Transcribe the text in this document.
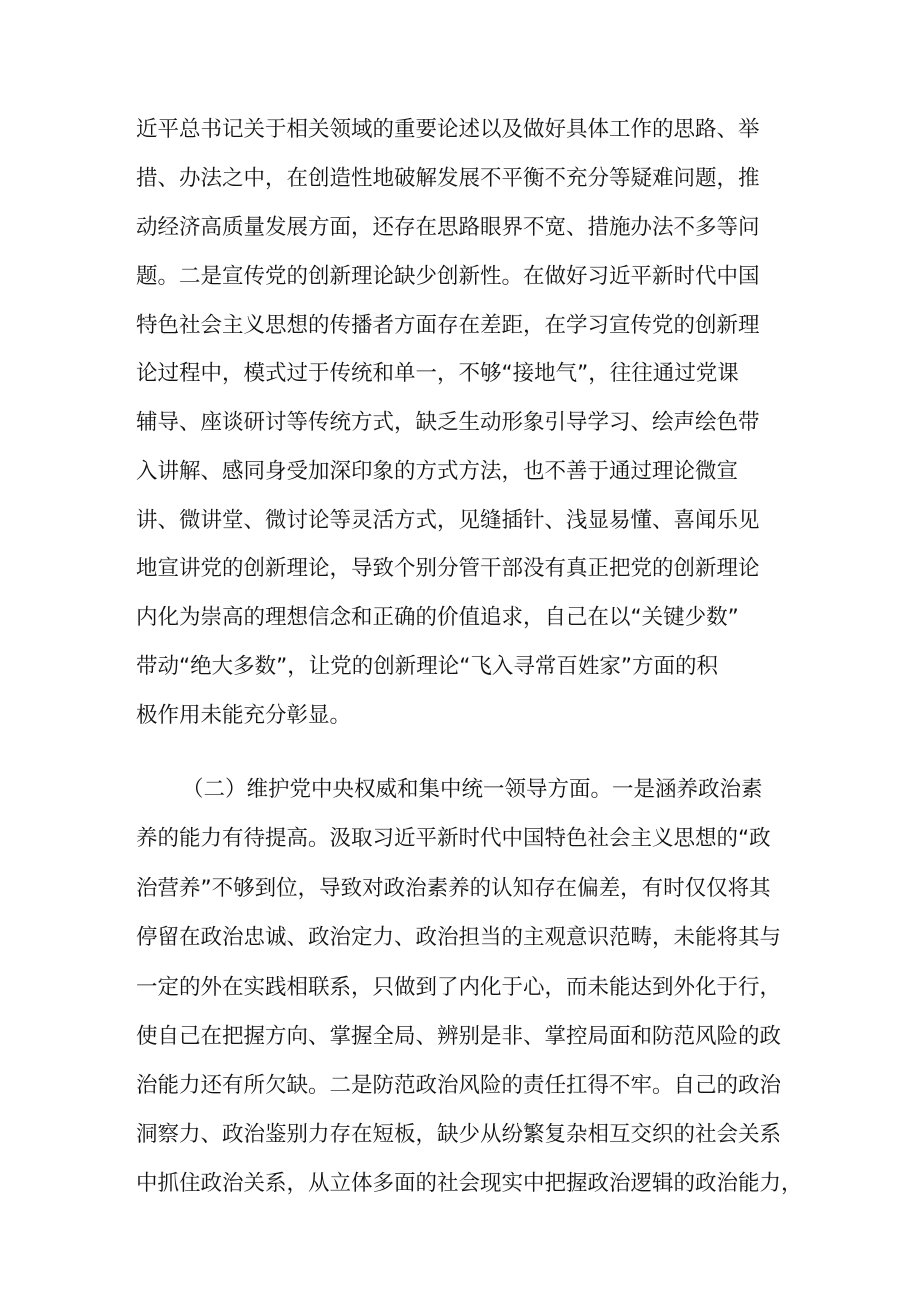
近平总书记关于相关领域的重要论述以及做好具体工作的思路、举
措、办法之中，在创造性地破解发展不平衡不充分等疑难问题，推
动经济高质量发展方面，还存在思路眼界不宽、措施办法不多等问
题。二是宣传党的创新理论缺少创新性。在做好习近平新时代中国
特色社会主义思想的传播者方面存在差距，在学习宣传党的创新理
论过程中，模式过于传统和单一，不够“接地气”，往往通过党课
辅导、座谈研讨等传统方式，缺乏生动形象引导学习、绘声绘色带
入讲解、感同身受加深印象的方式方法，也不善于通过理论微宣
讲、微讲堂、微讨论等灵活方式，见缝插针、浅显易懂、喜闻乐见
地宣讲党的创新理论，导致个别分管干部没有真正把党的创新理论
内化为崇高的理想信念和正确的价值追求，自己在以“关键少数”
带动“绝大多数”，让党的创新理论“飞入寻常百姓家”方面的积
极作用未能充分彰显。
（二）维护党中央权威和集中统一领导方面。一是涵养政治素
养的能力有待提高。汲取习近平新时代中国特色社会主义思想的“政
治营养”不够到位，导致对政治素养的认知存在偏差，有时仅仅将其
停留在政治忠诚、政治定力、政治担当的主观意识范畴，未能将其与
一定的外在实践相联系，只做到了内化于心，而未能达到外化于行，
使自己在把握方向、掌握全局、辨别是非、掌控局面和防范风险的政
治能力还有所欠缺。二是防范政治风险的责任扛得不牢。自己的政治
洞察力、政治鉴别力存在短板，缺少从纷繁复杂相互交织的社会关系
中抓住政治关系，从立体多面的社会现实中把握政治逻辑的政治能力，
